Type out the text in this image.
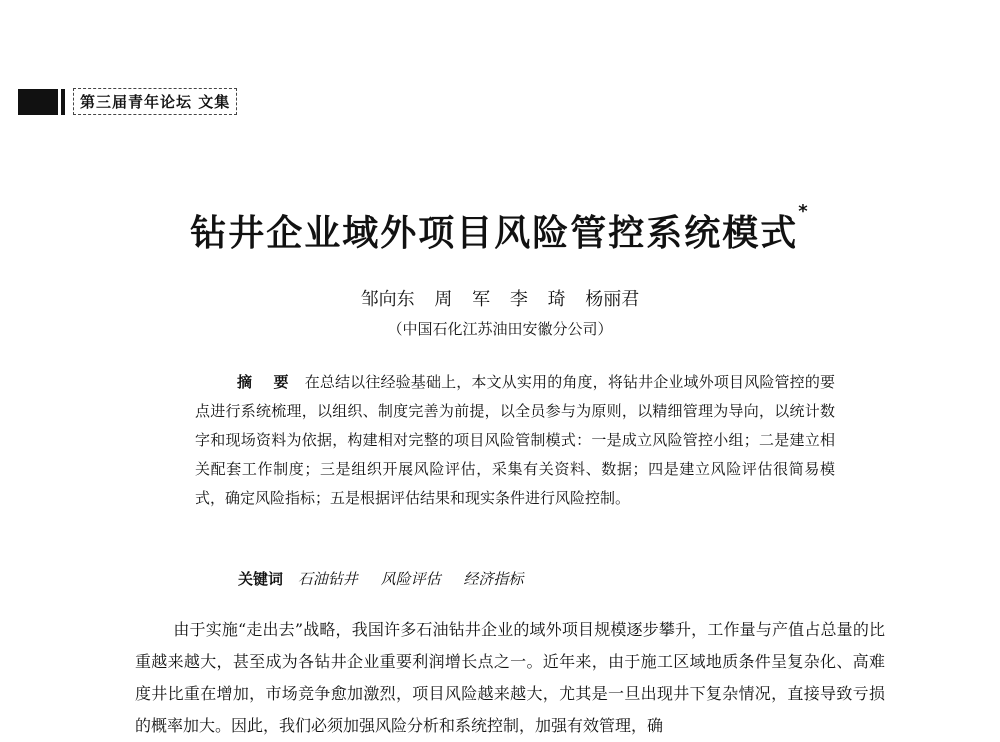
第三届青年论坛 文集
钻井企业域外项目风险管控系统模式*
邹向东 周 军 李 琦 杨丽君
（中国石化江苏油田安徽分公司）
摘 要 在总结以往经验基础上，本文从实用的角度，将钻井企业域外项目风险管控的要点进行系统梳理，以组织、制度完善为前提，以全员参与为原则，以精细管理为导向，以统计数字和现场资料为依据，构建相对完整的项目风险管制模式：一是成立风险管控小组；二是建立相关配套工作制度；三是组织开展风险评估，采集有关资料、数据；四是建立风险评估很简易模式，确定风险指标；五是根据评估结果和现实条件进行风险控制。
关键词 石油钻井 风险评估 经济指标
由于实施“走出去”战略，我国许多石油钻井企业的域外项目规模逐步攀升，工作量与产值占总量的比重越来越大，甚至成为各钻井企业重要利润增长点之一。近年来，由于施工区域地质条件呈复杂化、高难度井比重在增加，市场竞争愈加激烈，项目风险越来越大，尤其是一旦出现井下复杂情况，直接导致亏损的概率加大。因此，我们必须加强风险分析和系统控制，加强有效管理，确
